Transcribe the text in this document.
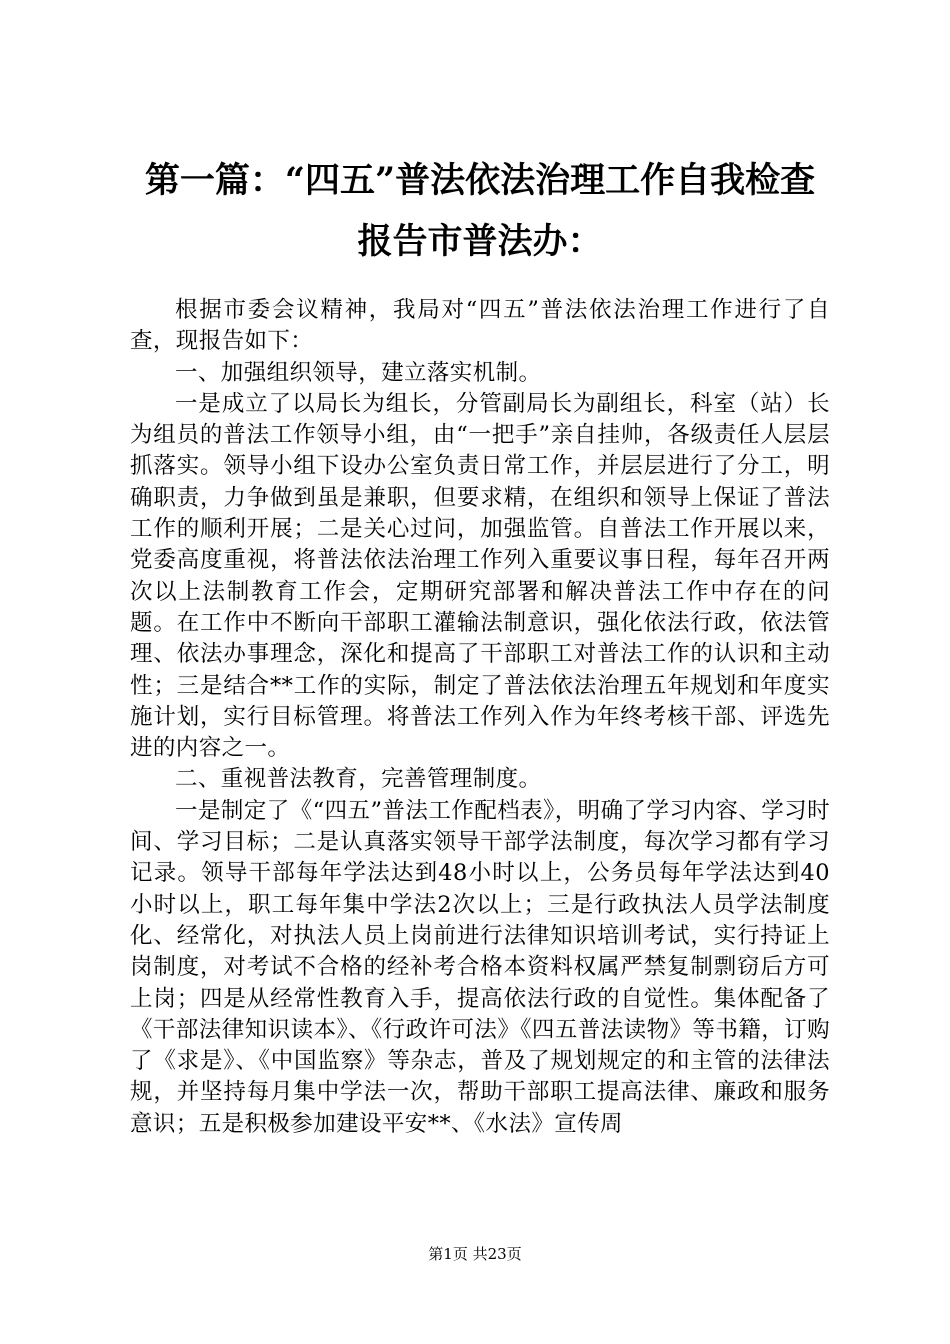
第一篇：“四五”普法依法治理工作自我检查
报告市普法办：

根据市委会议精神，我局对“四五”普法依法治理工作进行了自查，现报告如下：

一、加强组织领导，建立落实机制。

一是成立了以局长为组长，分管副局长为副组长，科室（站）长为组员的普法工作领导小组，由“一把手”亲自挂帅，各级责任人层层抓落实。领导小组下设办公室负责日常工作，并层层进行了分工，明确职责，力争做到虽是兼职，但要求精，在组织和领导上保证了普法工作的顺利开展；二是关心过问，加强监管。自普法工作开展以来，党委高度重视，将普法依法治理工作列入重要议事日程，每年召开两次以上法制教育工作会，定期研究部署和解决普法工作中存在的问题。在工作中不断向干部职工灌输法制意识，强化依法行政，依法管理、依法办事理念，深化和提高了干部职工对普法工作的认识和主动性；三是结合**工作的实际，制定了普法依法治理五年规划和年度实施计划，实行目标管理。将普法工作列入作为年终考核干部、评选先进的内容之一。

二、重视普法教育，完善管理制度。

一是制定了《“四五”普法工作配档表》，明确了学习内容、学习时间、学习目标；二是认真落实领导干部学法制度，每次学习都有学习记录。领导干部每年学法达到48小时以上，公务员每年学法达到40小时以上，职工每年集中学法2次以上；三是行政执法人员学法制度化、经常化，对执法人员上岗前进行法律知识培训考试，实行持证上岗制度，对考试不合格的经补考合格本资料权属严禁复制剽窃后方可上岗；四是从经常性教育入手，提高依法行政的自觉性。集体配备了《干部法律知识读本》、《行政许可法》《四五普法读物》等书籍，订购了《求是》、《中国监察》等杂志，普及了规划规定的和主管的法律法规，并坚持每月集中学法一次，帮助干部职工提高法律、廉政和服务意识；五是积极参加建设平安**、《水法》宣传周

第1页 共23页
